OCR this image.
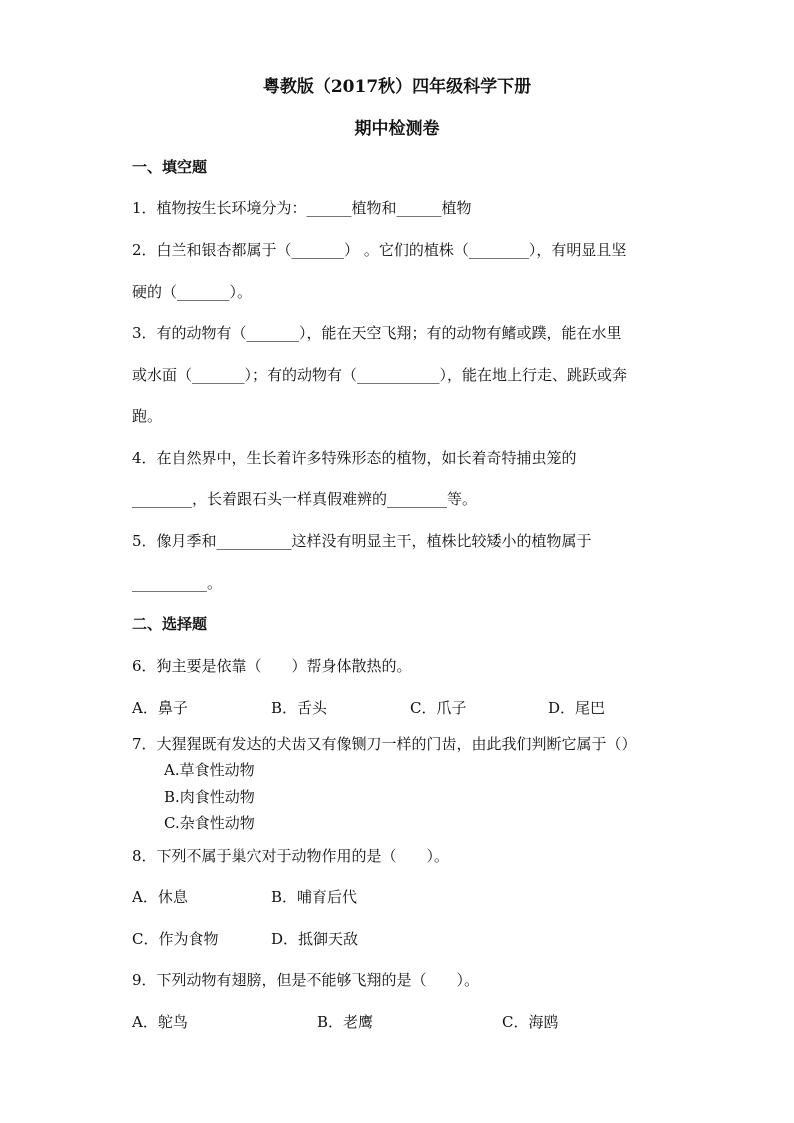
粤教版（2017秋）四年级科学下册
期中检测卷
一、填空题
1．植物按生长环境分为：______植物和______植物
2．白兰和银杏都属于（_______） 。它们的植株（________），有明显且坚
硬的（_______）。
3．有的动物有（_______），能在天空飞翔；有的动物有鳍或蹼，能在水里
或水面（_______）；有的动物有（___________），能在地上行走、跳跃或奔
跑。
4．在自然界中，生长着许多特殊形态的植物，如长着奇特捕虫笼的
________，长着跟石头一样真假难辨的________等。
5．像月季和__________这样没有明显主干，植株比较矮小的植物属于
__________。
二、选择题
6．狗主要是依靠（　　）帮身体散热的。
A．鼻子	B．舌头	C．爪子	D．尾巴
7．大猩猩既有发达的犬齿又有像铡刀一样的门齿，由此我们判断它属于（）
A.草食性动物
B.肉食性动物
C.杂食性动物
8．下列不属于巢穴对于动物作用的是（　　）。
A．休息	B．哺育后代
C．作为食物	D．抵御天敌
9．下列动物有翅膀，但是不能够飞翔的是（　　）。
A．鸵鸟	B．老鹰	C．海鸥
